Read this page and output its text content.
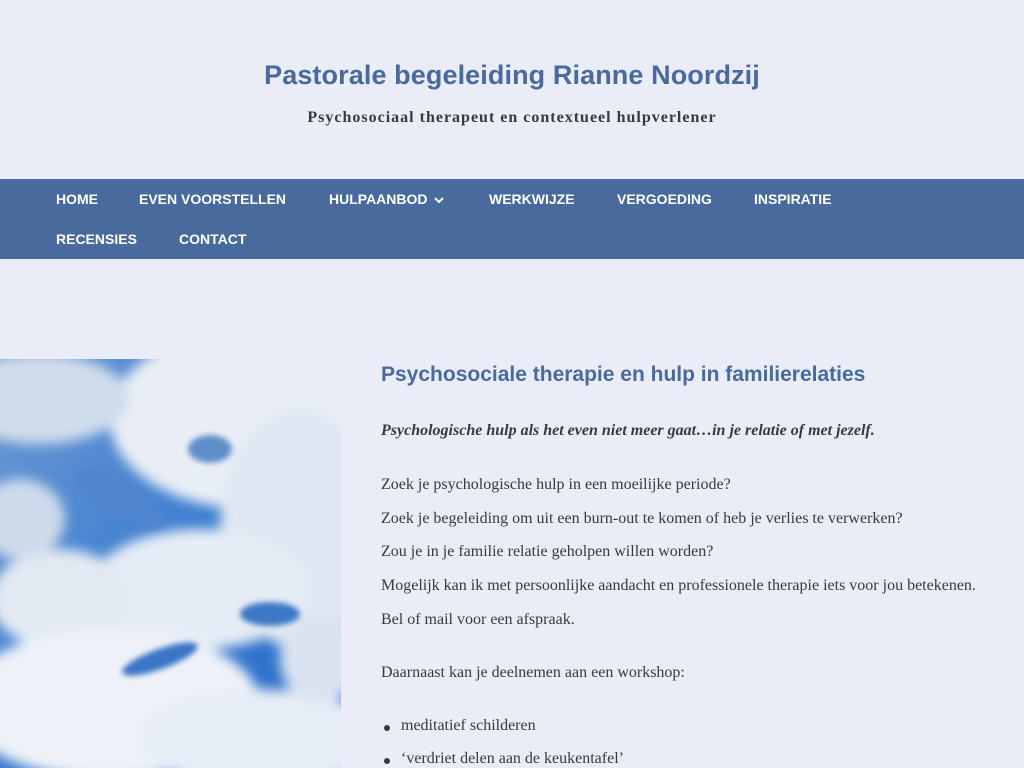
Pastorale begeleiding Rianne Noordzij
Psychosociaal therapeut en contextueel hulpverlener
HOME	EVEN VOORSTELLEN	HULPAANBOD	WERKWIJZE	VERGOEDING	INSPIRATIE
RECENSIES	CONTACT
Psychosociale therapie en hulp in familierelaties
Psychologische hulp als het even niet meer gaat…in je relatie of met jezelf.
Zoek je psychologische hulp in een moeilijke periode?
Zoek je begeleiding om uit een burn-out te komen of heb je verlies te verwerken?
Zou je in je familie relatie geholpen willen worden?
Mogelijk kan ik met persoonlijke aandacht en professionele therapie iets voor jou betekenen.
Bel of mail voor een afspraak.
Daarnaast kan je deelnemen aan een workshop:
meditatief schilderen
‘verdriet delen aan de keukentafel’
